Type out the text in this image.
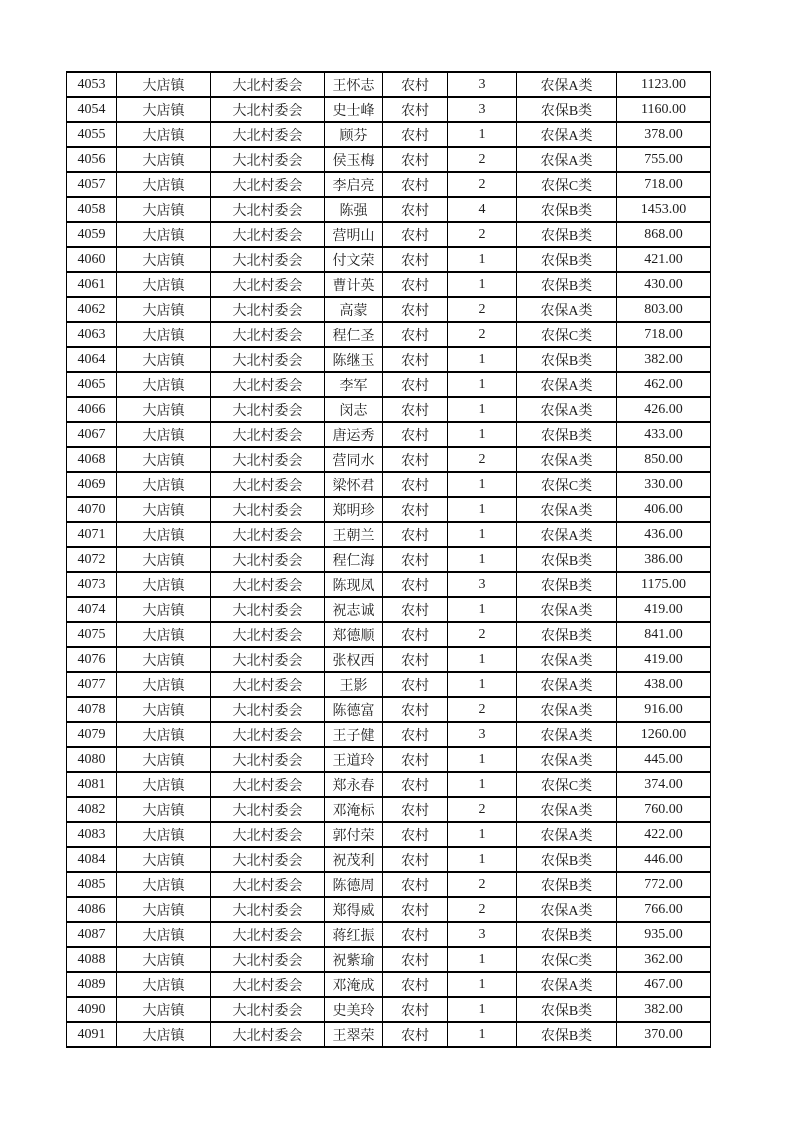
4053	大店镇	大北村委会	王怀志	农村	3	农保A类	1123.00
4054	大店镇	大北村委会	史士峰	农村	3	农保B类	1160.00
4055	大店镇	大北村委会	顾芬	农村	1	农保A类	378.00
4056	大店镇	大北村委会	侯玉梅	农村	2	农保A类	755.00
4057	大店镇	大北村委会	李启亮	农村	2	农保C类	718.00
4058	大店镇	大北村委会	陈强	农村	4	农保B类	1453.00
4059	大店镇	大北村委会	营明山	农村	2	农保B类	868.00
4060	大店镇	大北村委会	付文荣	农村	1	农保B类	421.00
4061	大店镇	大北村委会	曹计英	农村	1	农保B类	430.00
4062	大店镇	大北村委会	高蒙	农村	2	农保A类	803.00
4063	大店镇	大北村委会	程仁圣	农村	2	农保C类	718.00
4064	大店镇	大北村委会	陈继玉	农村	1	农保B类	382.00
4065	大店镇	大北村委会	李军	农村	1	农保A类	462.00
4066	大店镇	大北村委会	闵志	农村	1	农保A类	426.00
4067	大店镇	大北村委会	唐运秀	农村	1	农保B类	433.00
4068	大店镇	大北村委会	营同水	农村	2	农保A类	850.00
4069	大店镇	大北村委会	梁怀君	农村	1	农保C类	330.00
4070	大店镇	大北村委会	郑明珍	农村	1	农保A类	406.00
4071	大店镇	大北村委会	王朝兰	农村	1	农保A类	436.00
4072	大店镇	大北村委会	程仁海	农村	1	农保B类	386.00
4073	大店镇	大北村委会	陈现凤	农村	3	农保B类	1175.00
4074	大店镇	大北村委会	祝志诚	农村	1	农保A类	419.00
4075	大店镇	大北村委会	郑德顺	农村	2	农保B类	841.00
4076	大店镇	大北村委会	张权西	农村	1	农保A类	419.00
4077	大店镇	大北村委会	王影	农村	1	农保A类	438.00
4078	大店镇	大北村委会	陈德富	农村	2	农保A类	916.00
4079	大店镇	大北村委会	王子健	农村	3	农保A类	1260.00
4080	大店镇	大北村委会	王道玲	农村	1	农保A类	445.00
4081	大店镇	大北村委会	郑永春	农村	1	农保C类	374.00
4082	大店镇	大北村委会	邓淹标	农村	2	农保A类	760.00
4083	大店镇	大北村委会	郭付荣	农村	1	农保A类	422.00
4084	大店镇	大北村委会	祝茂利	农村	1	农保B类	446.00
4085	大店镇	大北村委会	陈德周	农村	2	农保B类	772.00
4086	大店镇	大北村委会	郑得威	农村	2	农保A类	766.00
4087	大店镇	大北村委会	蒋红振	农村	3	农保B类	935.00
4088	大店镇	大北村委会	祝紫瑜	农村	1	农保C类	362.00
4089	大店镇	大北村委会	邓淹成	农村	1	农保A类	467.00
4090	大店镇	大北村委会	史美玲	农村	1	农保B类	382.00
4091	大店镇	大北村委会	王翠荣	农村	1	农保B类	370.00
